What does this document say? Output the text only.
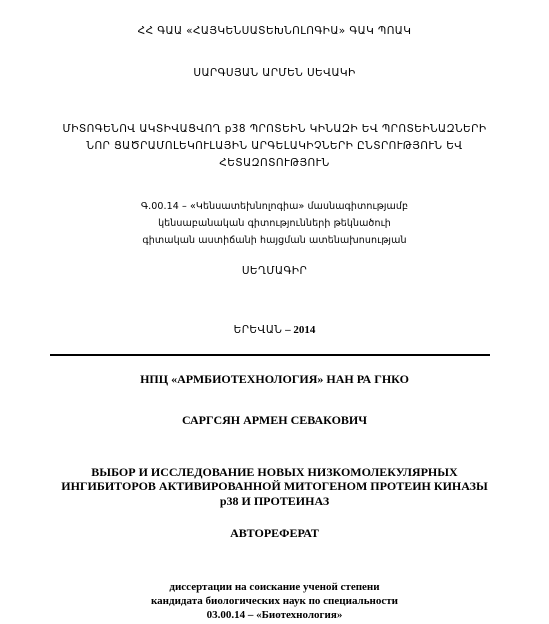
ՀՀ ԳԱԱ «ՀԱՅԿԵՆՍԱՏԵԽՆՈԼՈԳԻԱ» ԳԱԿ ՊՈԱԿ
ՍԱՐԳՍՅԱՆ ԱՐՄԵՆ ՍԵՎԱԿԻ
ՄԻՏՈԳԵՆՈՎ ԱԿՏԻՎԱՑՎՈՂ p38 ՊՐՈՏԵԻՆ ԿԻՆԱԶԻ ԵՎ ՊՐՈՏԵԻՆԱԶՆԵՐԻ
ՆՈՐ ՑԱԾՐԱՄՈԼԵԿՈՒԼԱՅԻՆ ԱՐԳԵԼԱԿԻՉՆԵՐԻ ԸՆՏՐՈՒԹՅՈՒՆ ԵՎ
ՀԵՏԱԶՈՏՈՒԹՅՈՒՆ
Գ.00.14 – «Կենսատեխնոլոգիա» մասնագիտությամբ
կենսաբանական գիտությունների թեկնածուի
գիտական աստիճանի հայցման ատենախոսության
ՍԵՂՄԱԳԻՐ
ԵՐԵՎԱՆ – 2014
НПЦ «АРМБИОТЕХНОЛОГИЯ» НАН РА ГНКО
САРГСЯН АРМЕН СЕВАКОВИЧ
ВЫБОР И ИССЛЕДОВАНИЕ НОВЫХ НИЗКОМОЛЕКУЛЯРНЫХ
ИНГИБИТОРОВ АКТИВИРОВАННОЙ МИТОГЕНОМ ПРОТЕИН КИНАЗЫ
p38 И ПРОТЕИНАЗ
АВТОРЕФЕРАТ
диссертации на соискание ученой степени
кандидата биологических наук по специальности
03.00.14 – «Биотехнология»
